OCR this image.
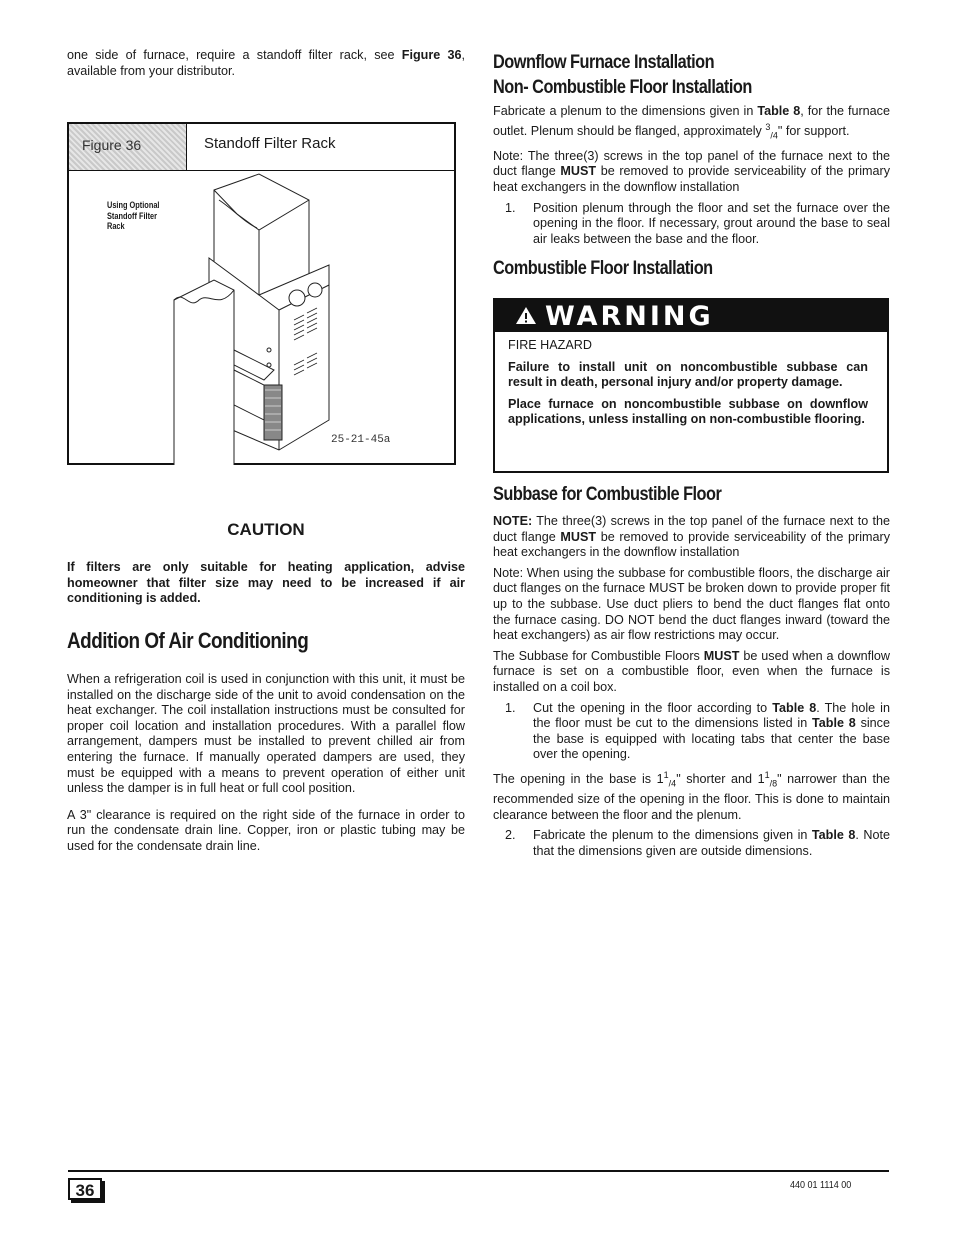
one side of furnace, require a standoff filter rack, see Figure 36, available from your distributor.

Figure 36	Standoff Filter Rack
Using Optional
Standoff Filter
Rack
25-21-45a
CAUTION

If filters are only suitable for heating application, advise homeowner that filter size may need to be increased if air conditioning is added.

Addition Of Air Conditioning

When a refrigeration coil is used in conjunction with this unit, it must be installed on the discharge side of the unit to avoid condensation on the heat exchanger. The coil installation instructions must be consulted for proper coil location and installation procedures. With a parallel flow arrangement, dampers must be installed to prevent chilled air from entering the furnace. If manually operated dampers are used, they must be equipped with a means to prevent operation of either unit unless the damper is in full heat or full cool position.

A 3" clearance is required on the right side of the furnace in order to run the condensate drain line. Copper, iron or plastic tubing may be used for the condensate drain line.

Downflow Furnace Installation
Non- Combustible Floor Installation

Fabricate a plenum to the dimensions given in Table 8, for the furnace outlet. Plenum should be flanged, approximately $^3_{/4}$" for support.

Note: The three(3) screws in the top panel of the furnace next to the duct flange MUST be removed to provide serviceability of the primary heat exchangers in the downflow installation

1.	Position plenum through the floor and set the furnace over the opening in the floor. If necessary, grout around the base to seal air leaks between the base and the floor.
Combustible Floor Installation
WARNING

FIRE HAZARD

Failure to install unit on noncombustible subbase can result in death, personal injury and/or property damage.

Place furnace on noncombustible subbase on downflow applications, unless installing on non-combustible flooring.

Subbase for Combustible Floor

NOTE: The three(3) screws in the top panel of the furnace next to the duct flange MUST be removed to provide serviceability of the primary heat exchangers in the downflow installation

Note: When using the subbase for combustible floors, the discharge air duct flanges on the furnace MUST be broken down to provide proper fit up to the subbase. Use duct pliers to bend the duct flanges flat onto the furnace casing. DO NOT bend the duct flanges inward (toward the heat exchangers) as air flow restrictions may occur.

The Subbase for Combustible Floors MUST be used when a downflow furnace is set on a combustible floor, even when the furnace is installed on a coil box.

1.	Cut the opening in the floor according to Table 8. The hole in the floor must be cut to the dimensions listed in Table 8 since the base is equipped with locating tabs that center the base over the opening.

The opening in the base is $1^1_{/4}$" shorter and $1^1_{/8}$" narrower than the recommended size of the opening in the floor. This is done to maintain clearance between the floor and the plenum.

2.	Fabricate the plenum to the dimensions given in Table 8. Note that the dimensions given are outside dimensions.
36	440 01 1114 00
